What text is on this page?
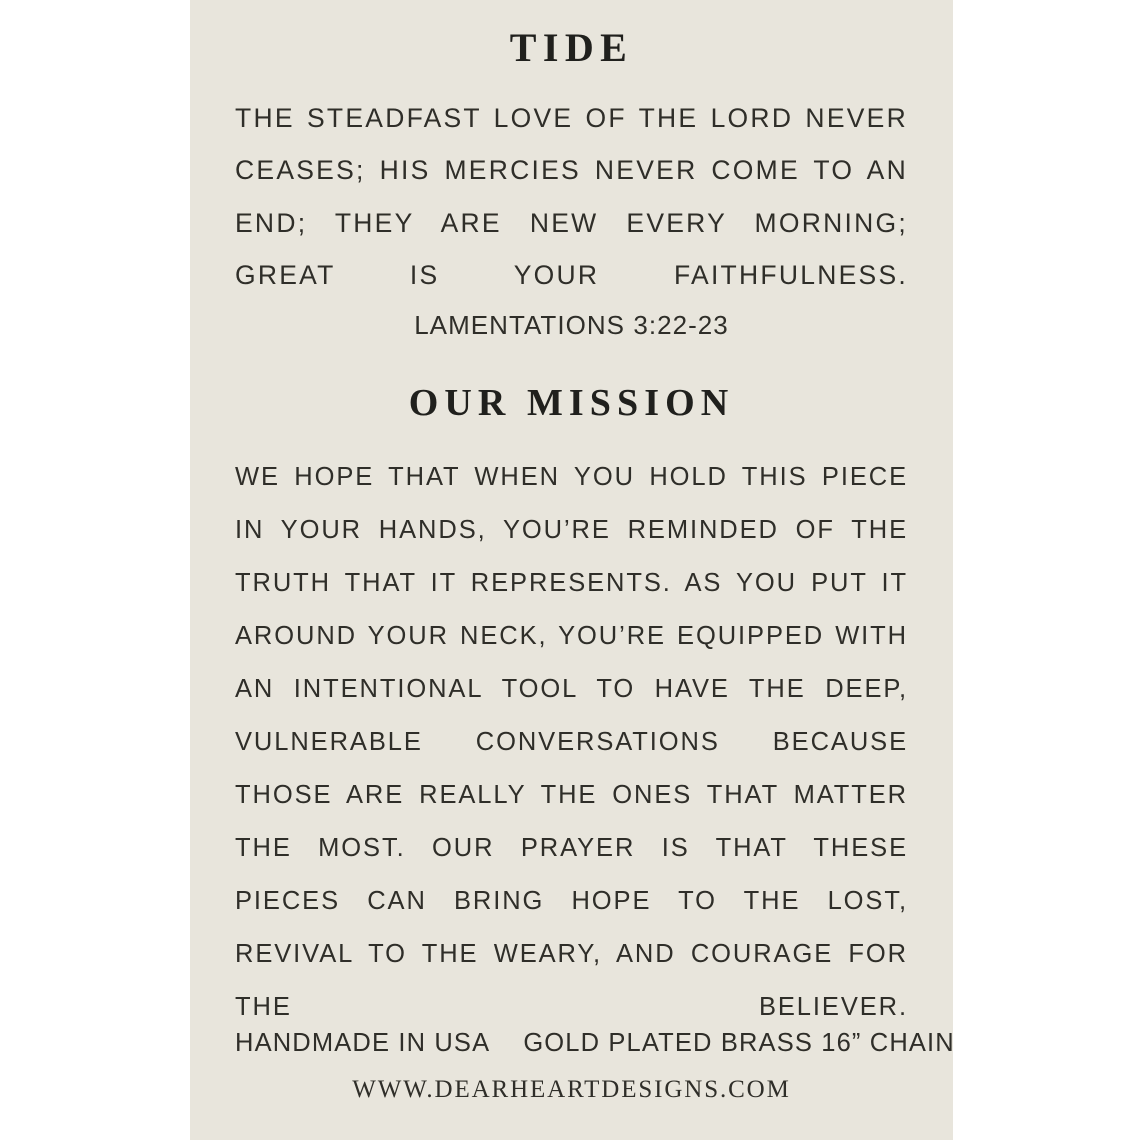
TIDE

THE STEADFAST LOVE OF THE LORD NEVER CEASES; HIS MERCIES NEVER COME TO AN END; THEY ARE NEW EVERY MORNING; GREAT IS YOUR FAITHFULNESS.

LAMENTATIONS 3:22-23

OUR MISSION

WE HOPE THAT WHEN YOU HOLD THIS PIECE IN YOUR HANDS, YOU’RE REMINDED OF THE TRUTH THAT IT REPRESENTS. AS YOU PUT IT AROUND YOUR NECK, YOU’RE EQUIPPED WITH AN INTENTIONAL TOOL TO HAVE THE DEEP, VULNERABLE CONVERSATIONS BECAUSE THOSE ARE REALLY THE ONES THAT MATTER THE MOST. OUR PRAYER IS THAT THESE PIECES CAN BRING HOPE TO THE LOST, REVIVAL TO THE WEARY, AND COURAGE FOR THE BELIEVER.

HANDMADE IN USA GOLD PLATED BRASS 16” CHAIN
WWW.DEARHEARTDESIGNS.COM
